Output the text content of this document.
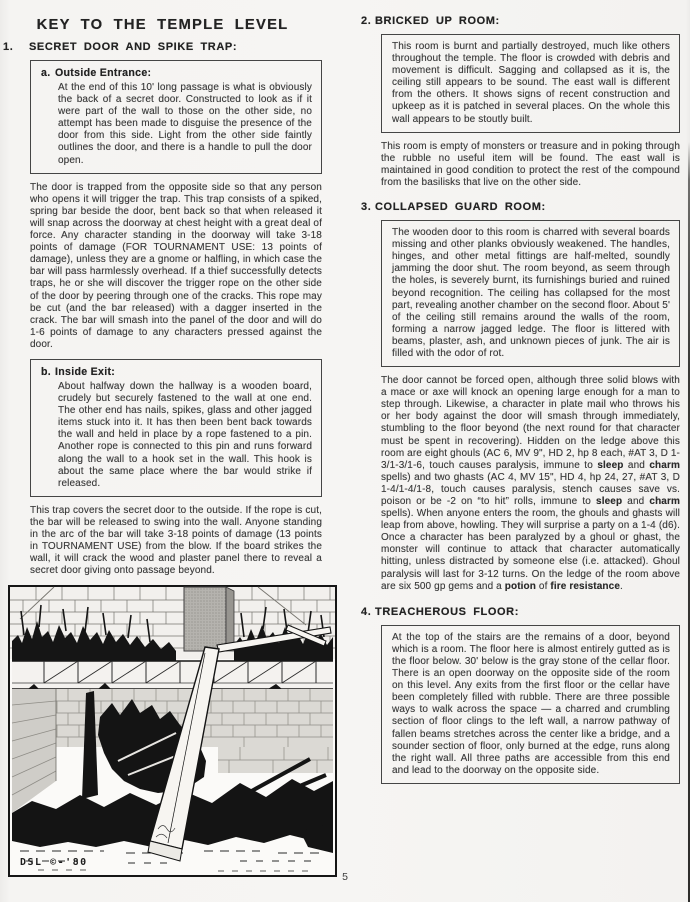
KEY TO THE TEMPLE LEVEL
1.	SECRET DOOR AND SPIKE TRAP:
a. Outside Entrance:

At the end of this 10' long passage is what is obviously the back of a secret door. Constructed to look as if it were part of the wall to those on the other side, no attempt has been made to disguise the presence of the door from this side. Light from the other side faintly outlines the door, and there is a handle to pull the door open.

The door is trapped from the opposite side so that any person who opens it will trigger the trap. This trap consists of a spiked, spring bar beside the door, bent back so that when released it will snap across the doorway at chest height with a great deal of force. Any character standing in the doorway will take 3-18 points of damage (FOR TOURNAMENT USE: 13 points of damage), unless they are a gnome or halfling, in which case the bar will pass harmlessly overhead. If a thief successfully detects traps, he or she will discover the trigger rope on the other side of the door by peering through one of the cracks. This rope may be cut (and the bar released) with a dagger inserted in the crack. The bar will smash into the panel of the door and will do 1-6 points of damage to any characters pressed against the door.

b. Inside Exit:

About halfway down the hallway is a wooden board, crudely but securely fastened to the wall at one end. The other end has nails, spikes, glass and other jagged items stuck into it. It has then been bent back towards the wall and held in place by a rope fastened to a pin. Another rope is connected to this pin and runs forward along the wall to a hook set in the wall. This hook is about the same place where the bar would strike if released.

This trap covers the secret door to the outside. If the rope is cut, the bar will be released to swing into the wall. Anyone standing in the arc of the bar will take 3-18 points of damage (13 points in TOURNAMENT USE) from the blow. If the board strikes the wall, it will crack the wood and plaster panel there to reveal a secret door giving onto passage beyond.

DSL ©-'80
2. BRICKED UP ROOM:

This room is burnt and partially destroyed, much like others throughout the temple. The floor is crowded with debris and movement is difficult. Sagging and collapsed as it is, the ceiling still appears to be sound. The east wall is different from the others. It shows signs of recent construction and upkeep as it is patched in several places. On the whole this wall appears to be stoutly built.

This room is empty of monsters or treasure and in poking through the rubble no useful item will be found. The east wall is maintained in good condition to protect the rest of the compound from the basilisks that live on the other side.

3. COLLAPSED GUARD ROOM:

The wooden door to this room is charred with several boards missing and other planks obviously weakened. The handles, hinges, and other metal fittings are half-melted, soundly jamming the door shut. The room beyond, as seem through the holes, is severely burnt, its furnishings buried and ruined beyond recognition. The ceiling has collapsed for the most part, revealing another chamber on the second floor. About 5' of the ceiling still remains around the walls of the room, forming a narrow jagged ledge. The floor is littered with beams, plaster, ash, and unknown pieces of junk. The air is filled with the odor of rot.

The door cannot be forced open, although three solid blows with a mace or axe will knock an opening large enough for a man to step through. Likewise, a character in plate mail who throws his or her body against the door will smash through immediately, stumbling to the floor beyond (the next round for that character must be spent in recovering). Hidden on the ledge above this room are eight ghouls (AC 6, MV 9", HD 2, hp 8 each, #AT 3, D 1-3/1-3/1-6, touch causes paralysis, immune to sleep and charm spells) and two ghasts (AC 4, MV 15", HD 4, hp 24, 27, #AT 3, D 1-4/1-4/1-8, touch causes paralysis, stench causes save vs. poison or be -2 on “to hit” rolls, immune to sleep and charm spells). When anyone enters the room, the ghouls and ghasts will leap from above, howling. They will surprise a party on a 1-4 (d6). Once a character has been paralyzed by a ghoul or ghast, the monster will continue to attack that character automatically hitting, unless distracted by someone else (i.e. attacked). Ghoul paralysis will last for 3-12 turns. On the ledge of the room above are six 500 gp gems and a potion of fire resistance.

4. TREACHEROUS FLOOR:

At the top of the stairs are the remains of a door, beyond which is a room. The floor here is almost entirely gutted as is the floor below. 30' below is the gray stone of the cellar floor. There is an open doorway on the opposite side of the room on this level. Any exits from the first floor or the cellar have been completely filled with rubble. There are three possible ways to walk across the space — a charred and crumbling section of floor clings to the left wall, a narrow pathway of fallen beams stretches across the center like a bridge, and a sounder section of floor, only burned at the edge, runs along the right wall. All three paths are accessible from this end and lead to the doorway on the opposite side.

5
